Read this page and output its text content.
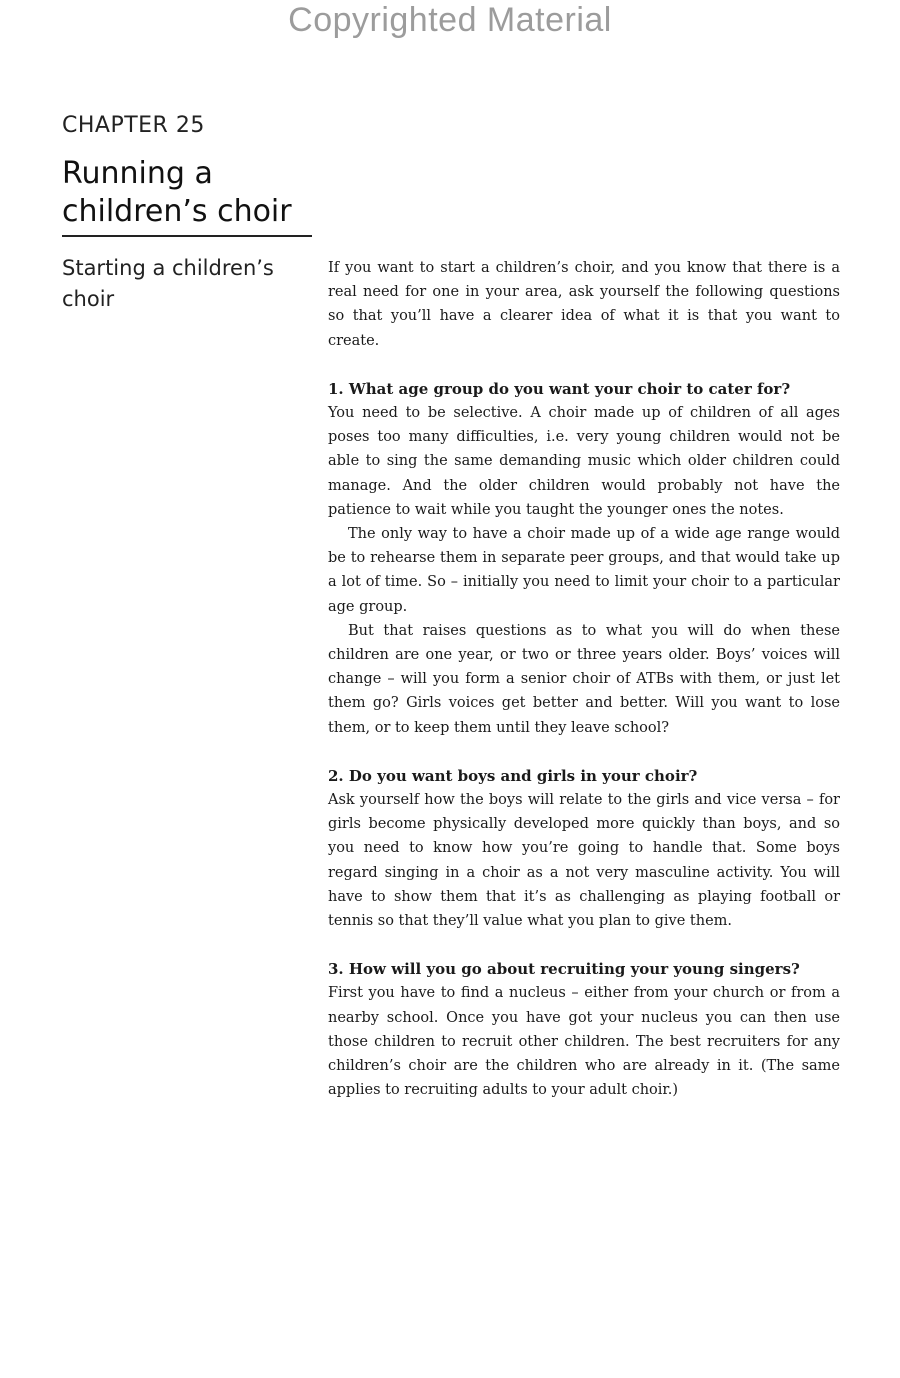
Copyrighted Material
CHAPTER 25
Running a children’s choir
Starting a children’s choir

If you want to start a children’s choir, and you know that there is a real need for one in your area, ask yourself the following questions so that you’ll have a clearer idea of what it is that you want to create.

1. What age group do you want your choir to cater for?

You need to be selective. A choir made up of children of all ages poses too many difficulties, i.e. very young children would not be able to sing the same demanding music which older children could manage. And the older children would probably not have the patience to wait while you taught the younger ones the notes.

The only way to have a choir made up of a wide age range would be to rehearse them in separate peer groups, and that would take up a lot of time. So – initially you need to limit your choir to a particular age group.

But that raises questions as to what you will do when these children are one year, or two or three years older. Boys’ voices will change – will you form a senior choir of ATBs with them, or just let them go? Girls voices get better and better. Will you want to lose them, or to keep them until they leave school?

2. Do you want boys and girls in your choir?

Ask yourself how the boys will relate to the girls and vice versa – for girls become physically developed more quickly than boys, and so you need to know how you’re going to handle that. Some boys regard singing in a choir as a not very masculine activity. You will have to show them that it’s as challenging as playing football or tennis so that they’ll value what you plan to give them.

3. How will you go about recruiting your young singers?

First you have to find a nucleus – either from your church or from a nearby school. Once you have got your nucleus you can then use those children to recruit other children. The best recruiters for any children’s choir are the children who are already in it. (The same applies to recruiting adults to your adult choir.)
